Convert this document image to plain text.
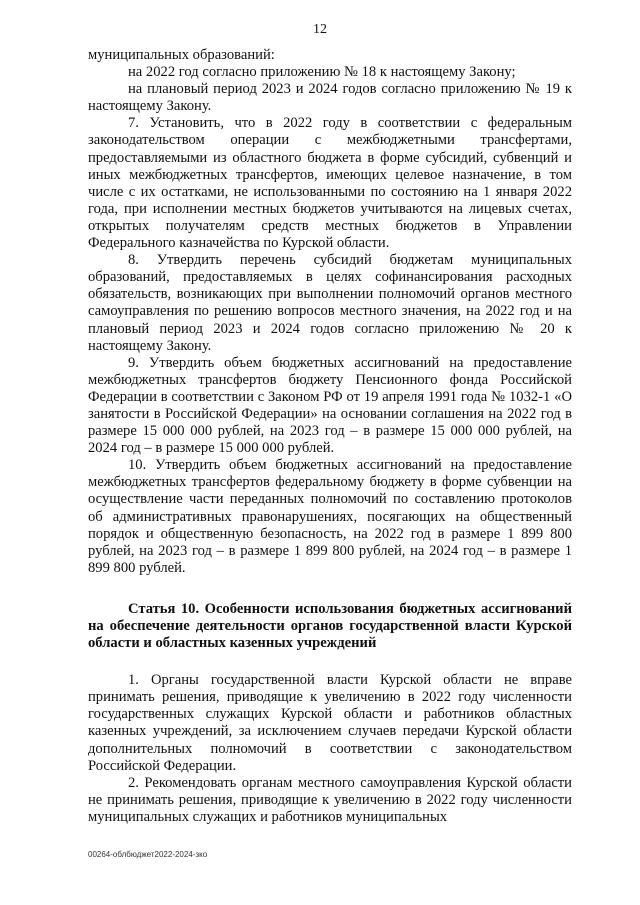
12

муниципальных образований:

на 2022 год согласно приложению № 18 к настоящему Закону;

на плановый период 2023 и 2024 годов согласно приложению № 19 к настоящему Закону.

7. Установить, что в 2022 году в соответствии с федеральным законодательством операции с межбюджетными трансфертами, предоставляемыми из областного бюджета в форме субсидий, субвенций и иных межбюджетных трансфертов, имеющих целевое назначение, в том числе с их остатками, не использованными по состоянию на 1 января 2022 года, при исполнении местных бюджетов учитываются на лицевых счетах, открытых получателям средств местных бюджетов в Управлении Федерального казначейства по Курской области.

8. Утвердить перечень субсидий бюджетам муниципальных образований, предоставляемых в целях софинансирования расходных обязательств, возникающих при выполнении полномочий органов местного самоуправления по решению вопросов местного значения, на 2022 год и на плановый период 2023 и 2024 годов согласно приложению № 20 к настоящему Закону.

9. Утвердить объем бюджетных ассигнований на предоставление межбюджетных трансфертов бюджету Пенсионного фонда Российской Федерации в соответствии с Законом РФ от 19 апреля 1991 года № 1032-1 «О занятости в Российской Федерации» на основании соглашения на 2022 год в размере 15 000 000 рублей, на 2023 год – в размере 15 000 000 рублей, на 2024 год – в размере 15 000 000 рублей.

10. Утвердить объем бюджетных ассигнований на предоставление межбюджетных трансфертов федеральному бюджету в форме субвенции на осуществление части переданных полномочий по составлению протоколов об административных правонарушениях, посягающих на общественный порядок и общественную безопасность, на 2022 год в размере 1 899 800 рублей, на 2023 год – в размере 1 899 800 рублей, на 2024 год – в размере 1 899 800 рублей.

Статья 10. Особенности использования бюджетных ассигнований на обеспечение деятельности органов государственной власти Курской области и областных казенных учреждений

1. Органы государственной власти Курской области не вправе принимать решения, приводящие к увеличению в 2022 году численности государственных служащих Курской области и работников областных казенных учреждений, за исключением случаев передачи Курской области дополнительных полномочий в соответствии с законодательством Российской Федерации.

2. Рекомендовать органам местного самоуправления Курской области не принимать решения, приводящие к увеличению в 2022 году численности муниципальных служащих и работников муниципальных

00264-облбюджет2022-2024-зко
